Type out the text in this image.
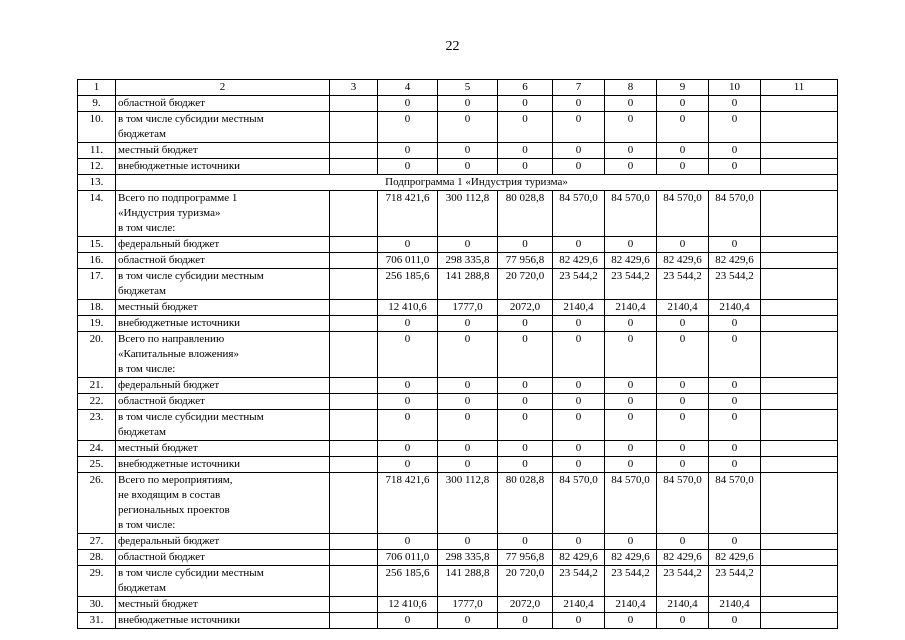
22
1	2	3	4	5	6	7	8	9	10	11
9.	областной бюджет		0	0	0	0	0	0	0	
10.	в том числе субсидии местным
бюджетам		0	0	0	0	0	0	0	
11.	местный бюджет		0	0	0	0	0	0	0	
12.	внебюджетные источники		0	0	0	0	0	0	0	
13.	Подпрограмма 1 «Индустрия туризма»									
14.	Всего по подпрограмме 1
«Индустрия туризма»
в том числе:		718 421,6	300 112,8	80 028,8	84 570,0	84 570,0	84 570,0	84 570,0	
15.	федеральный бюджет		0	0	0	0	0	0	0	
16.	областной бюджет		706 011,0	298 335,8	77 956,8	82 429,6	82 429,6	82 429,6	82 429,6	
17.	в том числе субсидии местным
бюджетам		256 185,6	141 288,8	20 720,0	23 544,2	23 544,2	23 544,2	23 544,2	
18.	местный бюджет		12 410,6	1777,0	2072,0	2140,4	2140,4	2140,4	2140,4	
19.	внебюджетные источники		0	0	0	0	0	0	0	
20.	Всего по направлению
«Капитальные вложения»
в том числе:		0	0	0	0	0	0	0	
21.	федеральный бюджет		0	0	0	0	0	0	0	
22.	областной бюджет		0	0	0	0	0	0	0	
23.	в том числе субсидии местным
бюджетам		0	0	0	0	0	0	0	
24.	местный бюджет		0	0	0	0	0	0	0	
25.	внебюджетные источники		0	0	0	0	0	0	0	
26.	Всего по мероприятиям,
не входящим в состав
региональных проектов
в том числе:		718 421,6	300 112,8	80 028,8	84 570,0	84 570,0	84 570,0	84 570,0	
27.	федеральный бюджет		0	0	0	0	0	0	0	
28.	областной бюджет		706 011,0	298 335,8	77 956,8	82 429,6	82 429,6	82 429,6	82 429,6	
29.	в том числе субсидии местным
бюджетам		256 185,6	141 288,8	20 720,0	23 544,2	23 544,2	23 544,2	23 544,2	
30.	местный бюджет		12 410,6	1777,0	2072,0	2140,4	2140,4	2140,4	2140,4	
31.	внебюджетные источники		0	0	0	0	0	0	0	
